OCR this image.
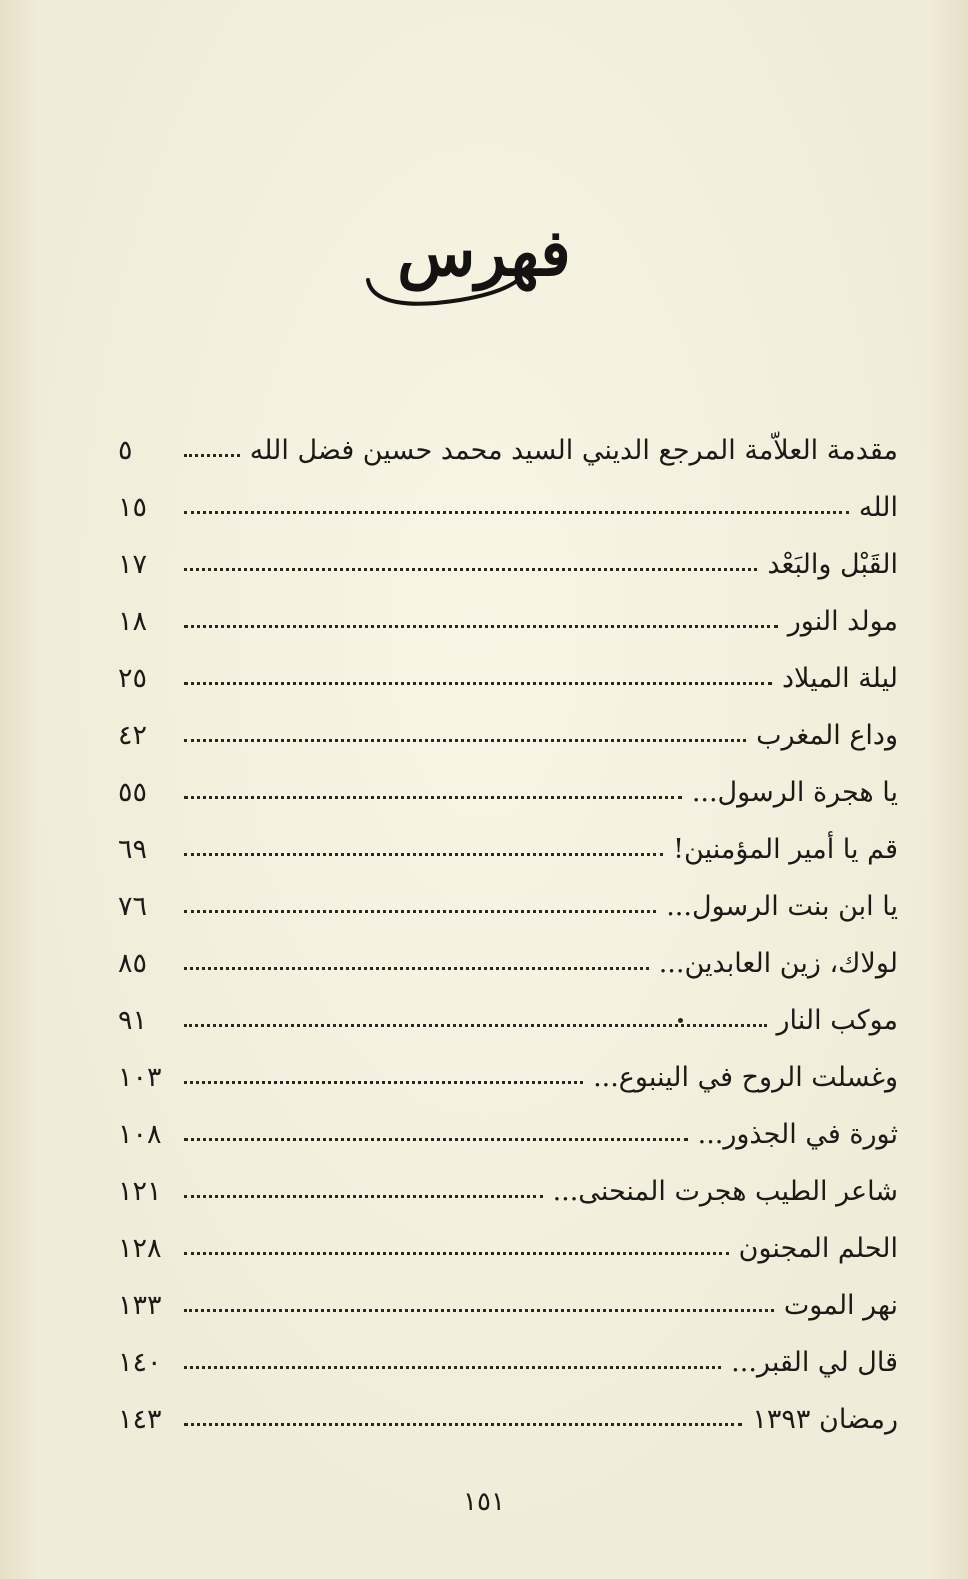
فهرس
مقدمة العلاّمة المرجع الديني السيد محمد حسين فضل الله
٥
الله
١٥
القَبْل والبَعْد
١٧
مولد النور
١٨
ليلة الميلاد
٢٥
وداع المغرب
٤٢
يا هجرة الرسول...
٥٥
قم يا أمير المؤمنين!
٦٩
يا ابن بنت الرسول...
٧٦
لولاك، زين العابدين...
٨٥
موكب النار
٩١
وغسلت الروح في الينبوع...
١٠٣
ثورة في الجذور...
١٠٨
شاعر الطيب هجرت المنحنى...
١٢١
الحلم المجنون
١٢٨
نهر الموت
١٣٣
قال لي القبر...
١٤٠
رمضان ١٣٩٣
١٤٣
١٥١
